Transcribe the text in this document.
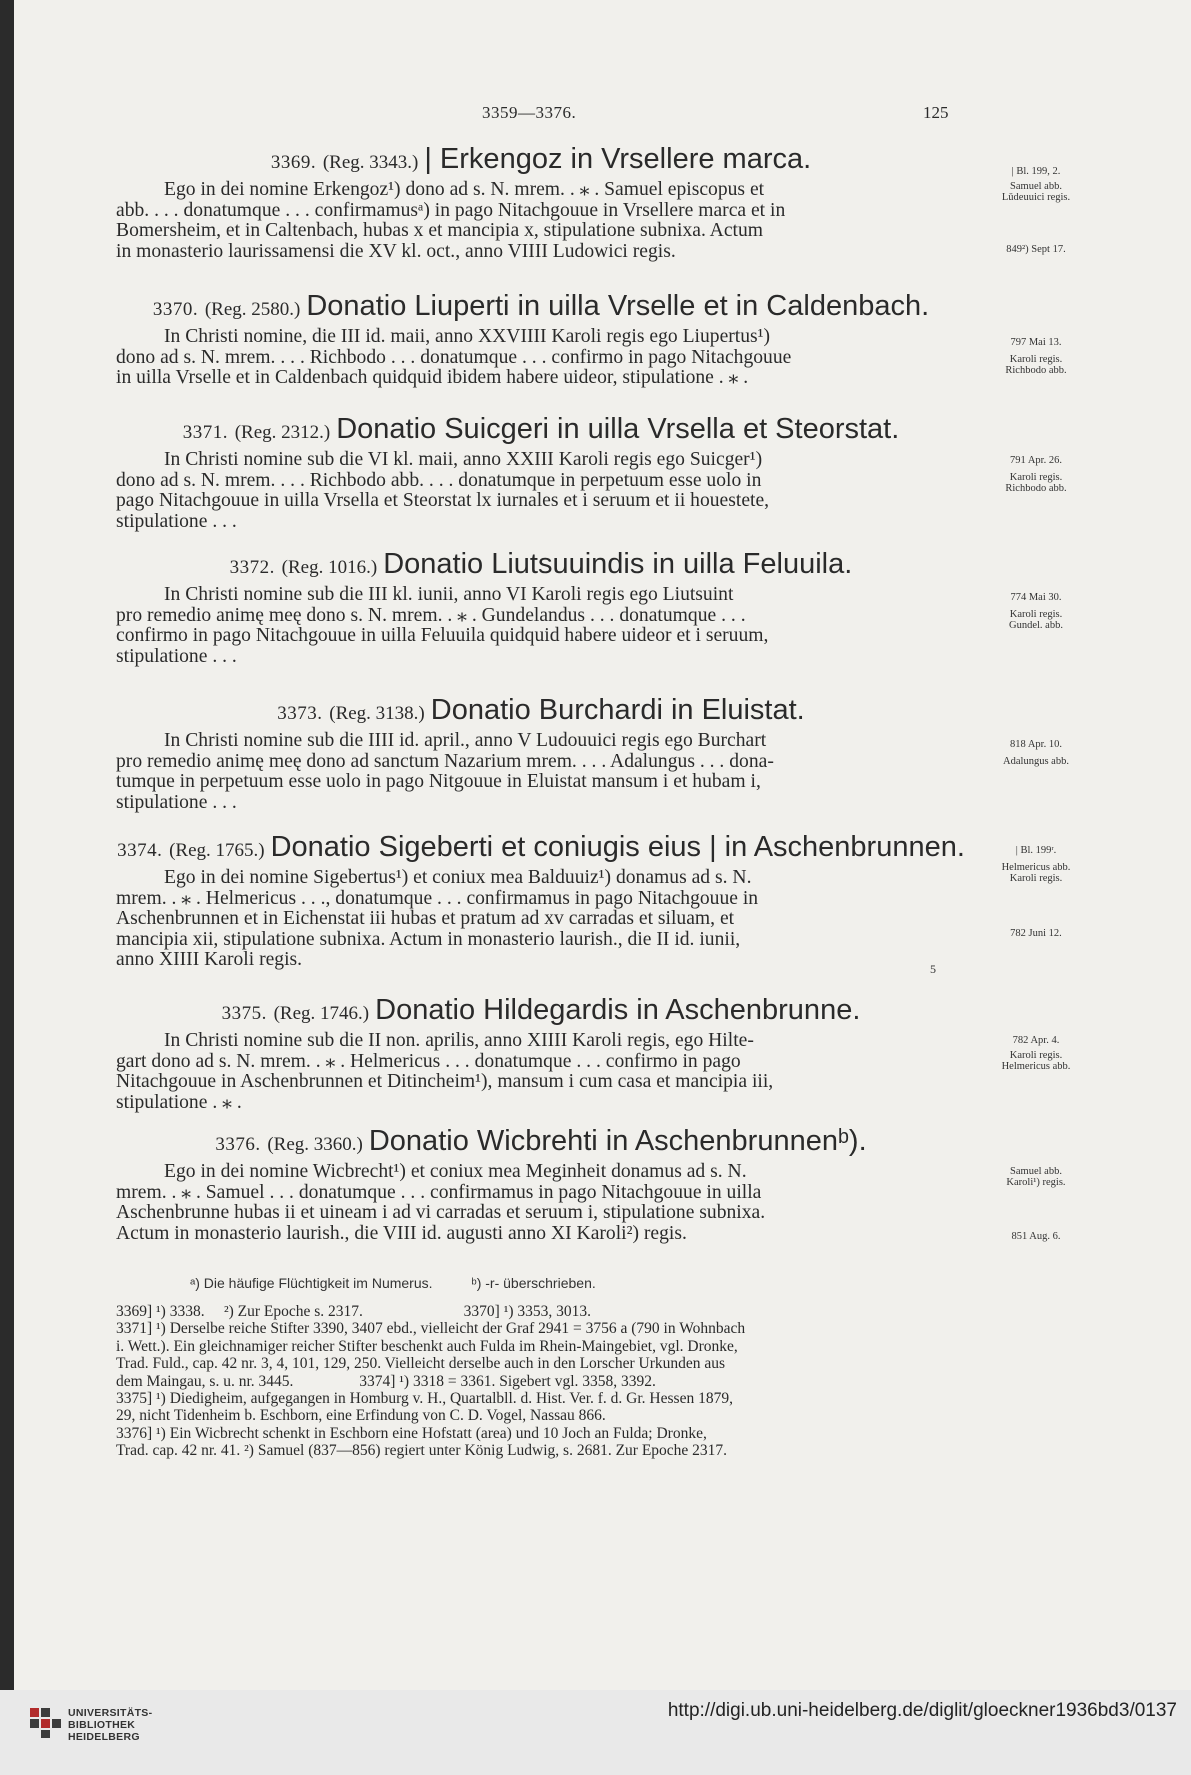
3359—3376.	125
3369. (Reg. 3343.) | Erkengoz in Vrsellere marca.
Ego in dei nomine Erkengoz¹) dono ad s. N. mrem. . ⁎ . Samuel episcopus et
abb. . . . donatumque . . . confirmamusᵃ) in pago Nitachgouue in Vrsellere marca et in
Bomersheim, et in Caltenbach, hubas x et mancipia x, stipulatione subnixa. Actum
in monasterio laurissamensi die XV kl. oct., anno VIIII Ludowici regis.
| Bl. 199, 2.
Samuel abb.
Lǔdeuuici regis.
849²) Sept 17.
3370. (Reg. 2580.) Donatio Liuperti in uilla Vrselle et in Caldenbach.
In Christi nomine, die III id. maii, anno XXVIIII Karoli regis ego Liupertus¹)
dono ad s. N. mrem. . . . Richbodo . . . donatumque . . . confirmo in pago Nitachgouue
in uilla Vrselle et in Caldenbach quidquid ibidem habere uideor, stipulatione . ⁎ .
797 Mai 13.
Karoli regis.
Richbodo abb.
3371. (Reg. 2312.) Donatio Suicgeri in uilla Vrsella et Steorstat.
In Christi nomine sub die VI kl. maii, anno XXIII Karoli regis ego Suicger¹)
dono ad s. N. mrem. . . . Richbodo abb. . . . donatumque in perpetuum esse uolo in
pago Nitachgouue in uilla Vrsella et Steorstat lx iurnales et i seruum et ii houestete,
stipulatione . . .
791 Apr. 26.
Karoli regis.
Richbodo abb.
3372. (Reg. 1016.) Donatio Liutsuuindis in uilla Feluuila.
In Christi nomine sub die III kl. iunii, anno VI Karoli regis ego Liutsuint
pro remedio animę meę dono s. N. mrem. . ⁎ . Gundelandus . . . donatumque . . .
confirmo in pago Nitachgouue in uilla Feluuila quidquid habere uideor et i seruum,
stipulatione . . .
774 Mai 30.
Karoli regis.
Gundel. abb.
3373. (Reg. 3138.) Donatio Burchardi in Eluistat.
In Christi nomine sub die IIII id. april., anno V Ludouuici regis ego Burchart
pro remedio animę meę dono ad sanctum Nazarium mrem. . . . Adalungus . . . dona-
tumque in perpetuum esse uolo in pago Nitgouue in Eluistat mansum i et hubam i,
stipulatione . . .
818 Apr. 10.
Adalungus abb.
3374. (Reg. 1765.) Donatio Sigeberti et coniugis eius | in Aschenbrunnen.
Ego in dei nomine Sigebertus¹) et coniux mea Balduuiz¹) donamus ad s. N.
mrem. . ⁎ . Helmericus . . ., donatumque . . . confirmamus in pago Nitachgouue in
Aschenbrunnen et in Eichenstat iii hubas et pratum ad xv carradas et siluam, et
mancipia xii, stipulatione subnixa. Actum in monasterio laurish., die II id. iunii,
anno XIIII Karoli regis.
| Bl. 199ʳ.
Helmericus abb.
Karoli regis.
782 Juni 12.
5
3375. (Reg. 1746.) Donatio Hildegardis in Aschenbrunne.
In Christi nomine sub die II non. aprilis, anno XIIII Karoli regis, ego Hilte-
gart dono ad s. N. mrem. . ⁎ . Helmericus . . . donatumque . . . confirmo in pago
Nitachgouue in Aschenbrunnen et Ditincheim¹), mansum i cum casa et mancipia iii,
stipulatione . ⁎ .
782 Apr. 4.
Karoli regis.
Helmericus abb.
3376. (Reg. 3360.) Donatio Wicbrehti in Aschenbrunnenᵇ).
Ego in dei nomine Wicbrecht¹) et coniux mea Meginheit donamus ad s. N.
mrem. . ⁎ . Samuel . . . donatumque . . . confirmamus in pago Nitachgouue in uilla
Aschenbrunne hubas ii et uineam i ad vi carradas et seruum i, stipulatione subnixa.
Actum in monasterio laurish., die VIII id. augusti anno XI Karoli²) regis.
Samuel abb.
Karoli¹) regis.
851 Aug. 6.
ᵃ) Die häufige Flüchtigkeit im Numerus.          ᵇ) -r- überschrieben.
3369] ¹) 3338.     ²) Zur Epoche s. 2317.                          3370] ¹) 3353, 3013.
3371] ¹) Derselbe reiche Stifter 3390, 3407 ebd., vielleicht der Graf 2941 = 3756 a (790 in Wohnbach
i. Wett.). Ein gleichnamiger reicher Stifter beschenkt auch Fulda im Rhein-Maingebiet, vgl. Dronke,
Trad. Fuld., cap. 42 nr. 3, 4, 101, 129, 250. Vielleicht derselbe auch in den Lorscher Urkunden aus
dem Maingau, s. u. nr. 3445.                 3374] ¹) 3318 = 3361. Sigebert vgl. 3358, 3392.
3375] ¹) Diedigheim, aufgegangen in Homburg v. H., Quartalbll. d. Hist. Ver. f. d. Gr. Hessen 1879,
29, nicht Tidenheim b. Eschborn, eine Erfindung von C. D. Vogel, Nassau 866.
3376] ¹) Ein Wicbrecht schenkt in Eschborn eine Hofstatt (area) und 10 Joch an Fulda; Dronke,
Trad. cap. 42 nr. 41. ²) Samuel (837—856) regiert unter König Ludwig, s. 2681. Zur Epoche 2317.
UNIVERSITÄTS-
BIBLIOTHEK
HEIDELBERG
http://digi.ub.uni-heidelberg.de/diglit/gloeckner1936bd3/0137
